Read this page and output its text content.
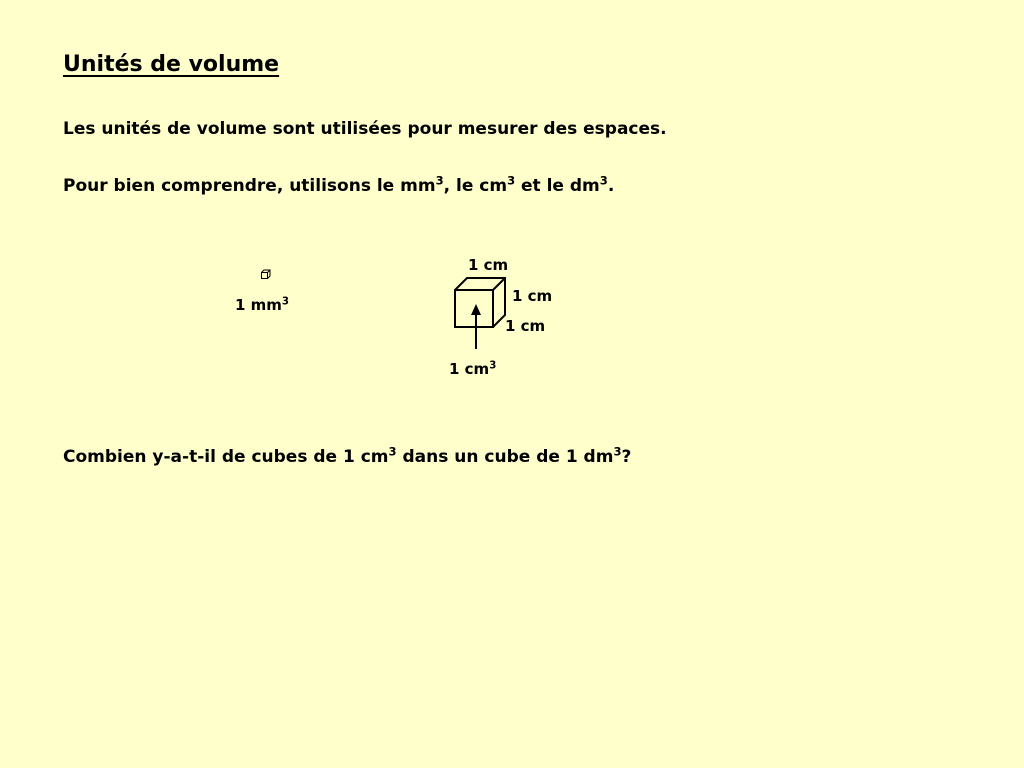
Unités de volume
Les unités de volume sont utilisées pour mesurer des espaces.
Pour bien comprendre, utilisons le $mm^3$, le $cm^3$ et le $dm^3$.
1 $mm^3$
1 cm
1 cm
1 cm
1 $cm^3$
Combien y-a-t-il de cubes de 1 $cm^3$ dans un cube de 1 $dm^3$?
